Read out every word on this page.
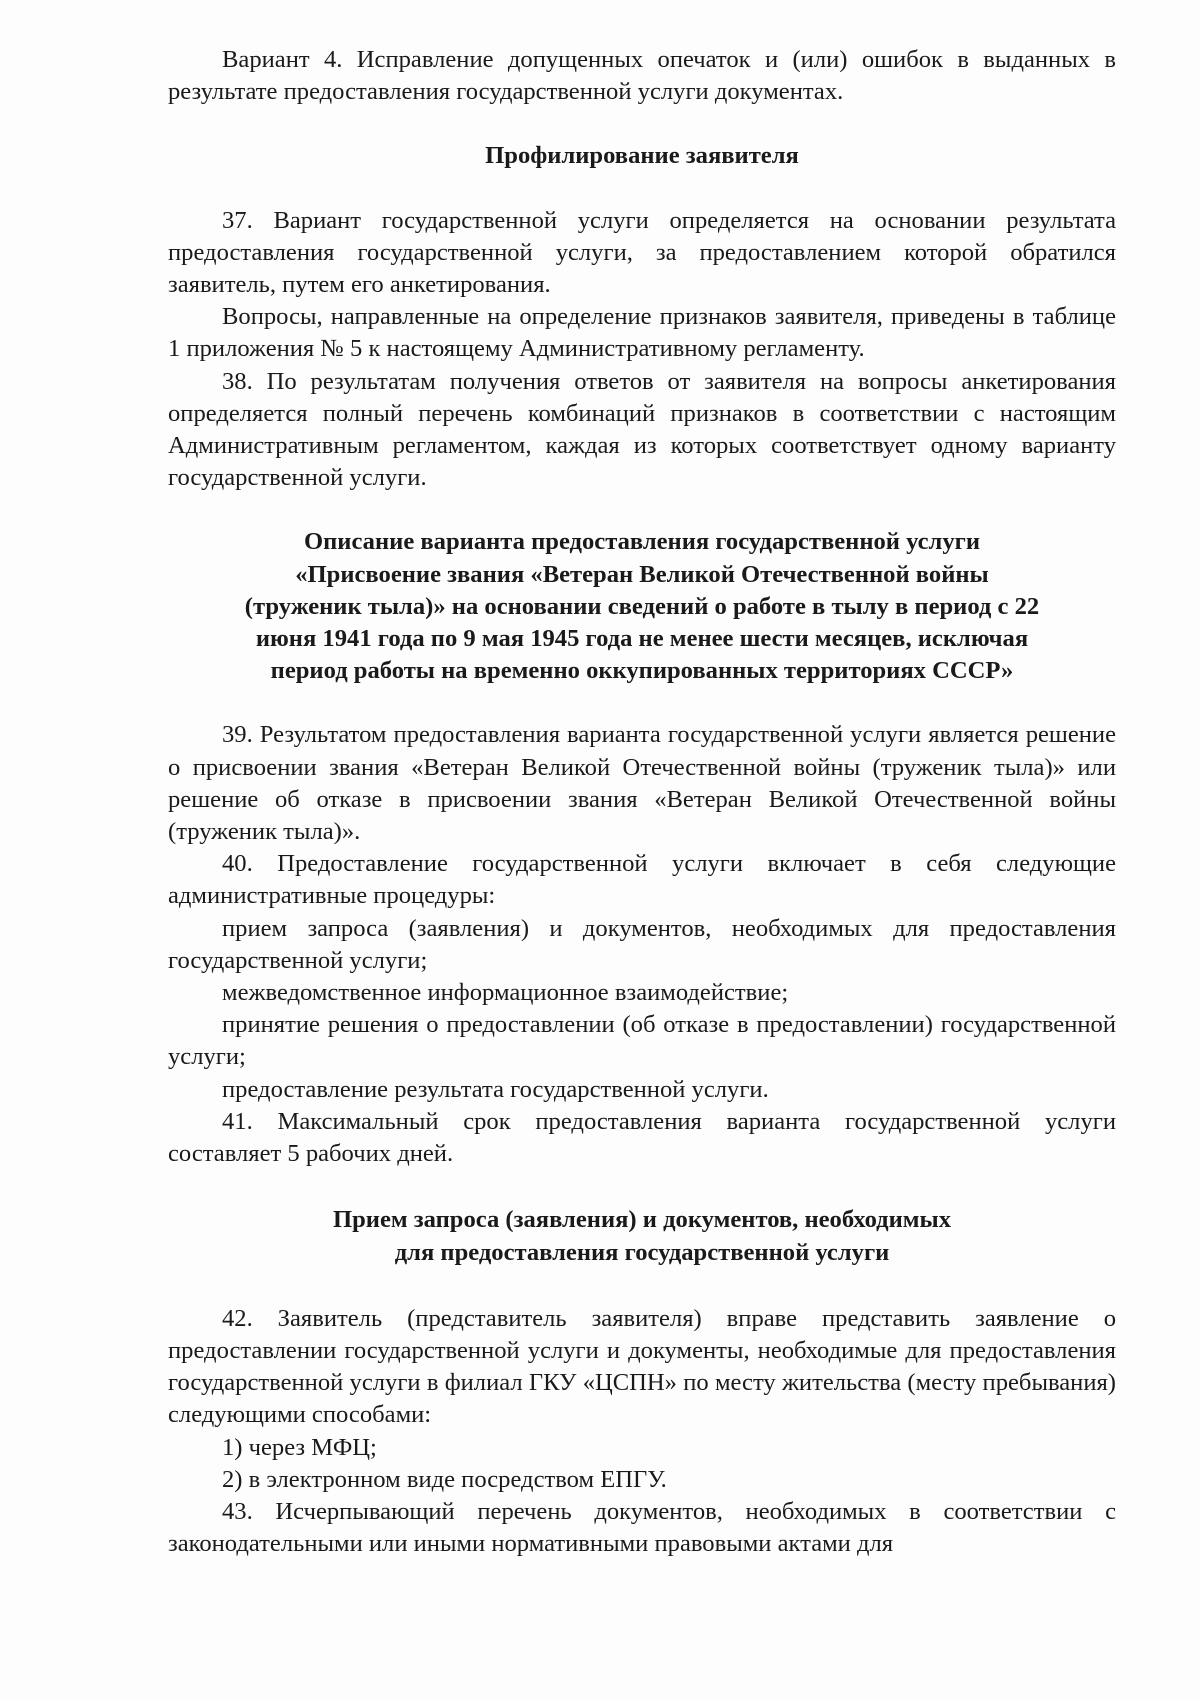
Вариант 4. Исправление допущенных опечаток и (или) ошибок в выданных в результате предоставления государственной услуги документах.

Профилирование заявителя

37. Вариант государственной услуги определяется на основании результата предоставления государственной услуги, за предоставлением которой обратился заявитель, путем его анкетирования.

Вопросы, направленные на определение признаков заявителя, приведены в таблице 1 приложения № 5 к настоящему Административному регламенту.

38. По результатам получения ответов от заявителя на вопросы анкетирования определяется полный перечень комбинаций признаков в соответствии с настоящим Административным регламентом, каждая из которых соответствует одному варианту государственной услуги.

Описание варианта предоставления государственной услуги
«Присвоение звания «Ветеран Великой Отечественной войны
(труженик тыла)» на основании сведений о работе в тылу в период с 22
июня 1941 года по 9 мая 1945 года не менее шести месяцев, исключая
период работы на временно оккупированных территориях СССР»

39. Результатом предоставления варианта государственной услуги является решение о присвоении звания «Ветеран Великой Отечественной войны (труженик тыла)» или решение об отказе в присвоении звания «Ветеран Великой Отечественной войны (труженик тыла)».

40. Предоставление государственной услуги включает в себя следующие административные процедуры:

прием запроса (заявления) и документов, необходимых для предоставления государственной услуги;

межведомственное информационное взаимодействие;

принятие решения о предоставлении (об отказе в предоставлении) государственной услуги;

предоставление результата государственной услуги.

41. Максимальный срок предоставления варианта государственной услуги составляет 5 рабочих дней.

Прием запроса (заявления) и документов, необходимых
для предоставления государственной услуги

42. Заявитель (представитель заявителя) вправе представить заявление о предоставлении государственной услуги и документы, необходимые для предоставления государственной услуги в филиал ГКУ «ЦСПН» по месту жительства (месту пребывания) следующими способами:

1) через МФЦ;

2) в электронном виде посредством ЕПГУ.

43. Исчерпывающий перечень документов, необходимых в соответствии с законодательными или иными нормативными правовыми актами для
